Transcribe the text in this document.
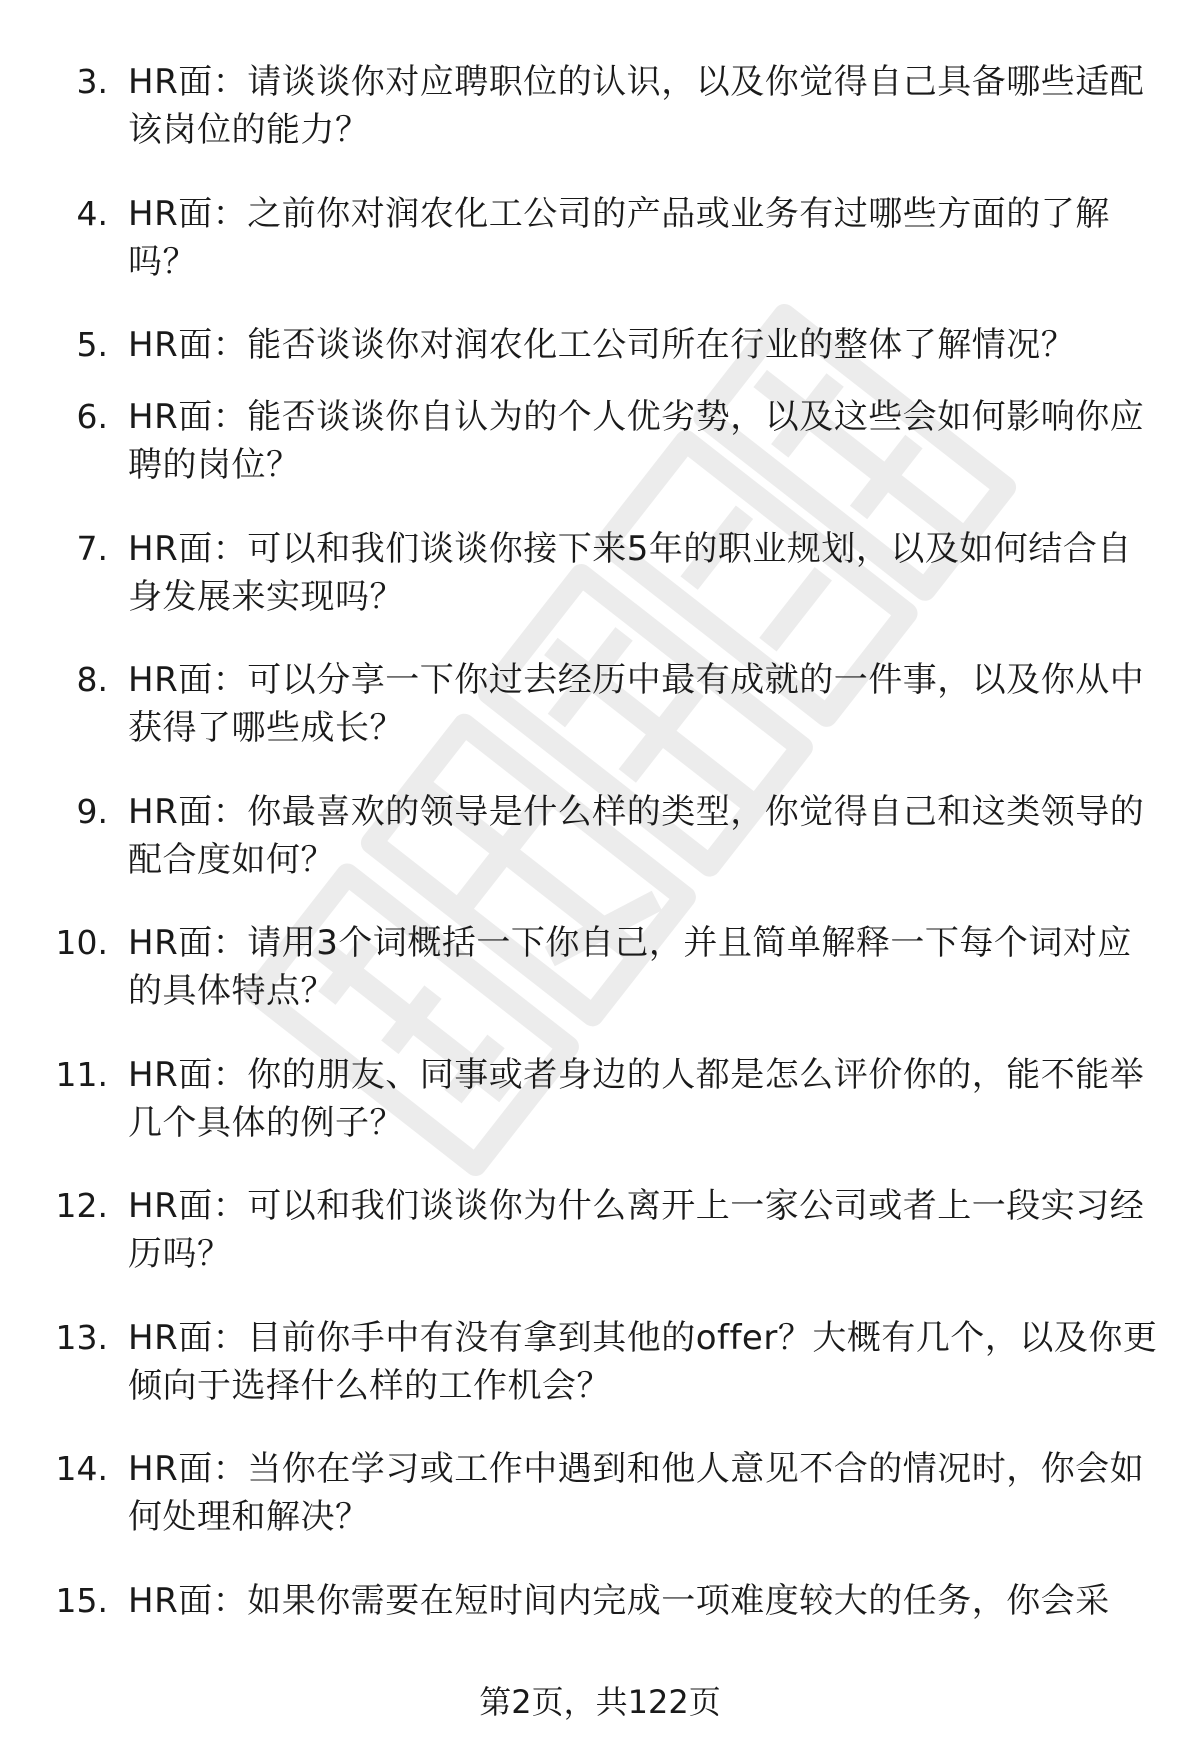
3. HR面：请谈谈你对应聘职位的认识，以及你觉得自己具备哪些适配该岗位的能力？
4. HR面：之前你对润农化工公司的产品或业务有过哪些方面的了解吗？
5. HR面：能否谈谈你对润农化工公司所在行业的整体了解情况？
6. HR面：能否谈谈你自认为的个人优劣势，以及这些会如何影响你应聘的岗位？
7. HR面：可以和我们谈谈你接下来5年的职业规划，以及如何结合自身发展来实现吗？
8. HR面：可以分享一下你过去经历中最有成就的一件事，以及你从中获得了哪些成长？
9. HR面：你最喜欢的领导是什么样的类型，你觉得自己和这类领导的配合度如何？
10. HR面：请用3个词概括一下你自己，并且简单解释一下每个词对应的具体特点？
11. HR面：你的朋友、同事或者身边的人都是怎么评价你的，能不能举几个具体的例子？
12. HR面：可以和我们谈谈你为什么离开上一家公司或者上一段实习经历吗？
13. HR面：目前你手中有没有拿到其他的offer？大概有几个，以及你更倾向于选择什么样的工作机会？
14. HR面：当你在学习或工作中遇到和他人意见不合的情况时，你会如何处理和解决？
15. HR面：如果你需要在短时间内完成一项难度较大的任务，你会采
第2页，共122页
